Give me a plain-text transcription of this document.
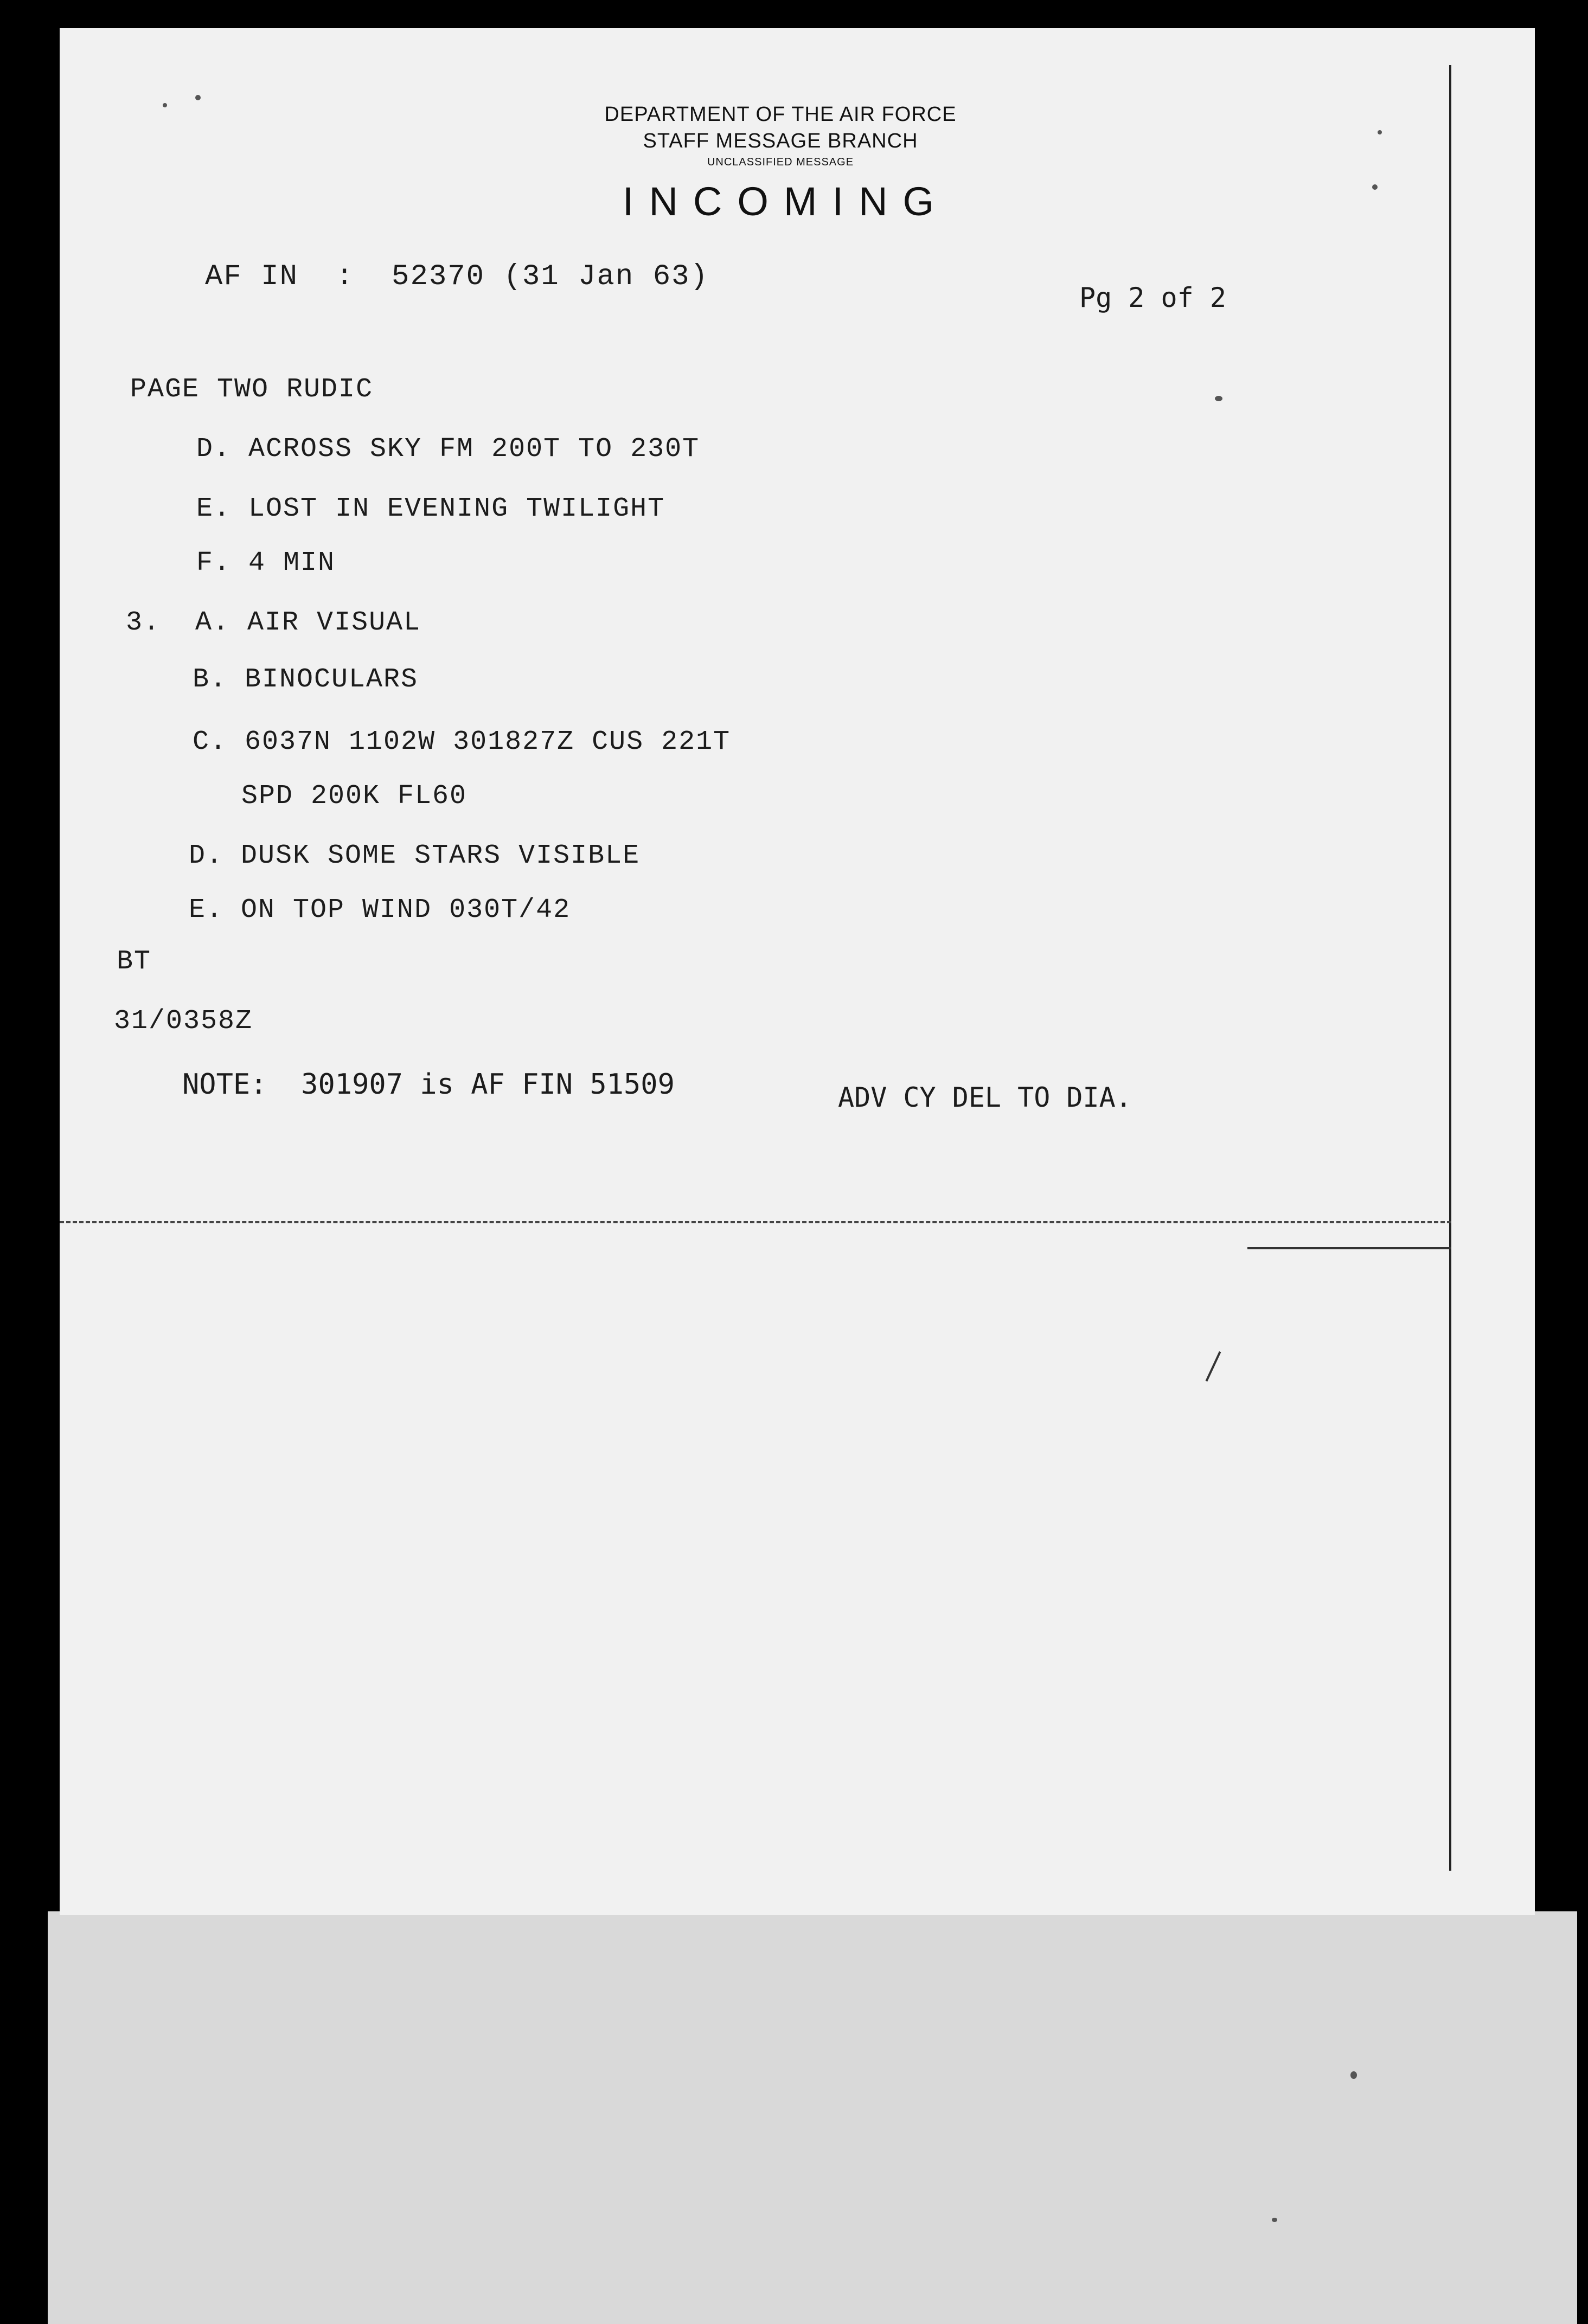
DEPARTMENT OF THE AIR FORCE
STAFF MESSAGE BRANCH
UNCLASSIFIED MESSAGE
INCOMING
AF IN  :  52370 (31 Jan 63)
Pg 2 of 2
PAGE TWO RUDIC
D. ACROSS SKY FM 200T TO 230T
E. LOST IN EVENING TWILIGHT
F. 4 MIN
3.  A. AIR VISUAL
B. BINOCULARS
C. 6037N 1102W 301827Z CUS 221T
SPD 200K FL60
D. DUSK SOME STARS VISIBLE
E. ON TOP WIND 030T/42
BT
31/0358Z
NOTE:  301907 is AF FIN 51509	ADV CY DEL TO DIA.
